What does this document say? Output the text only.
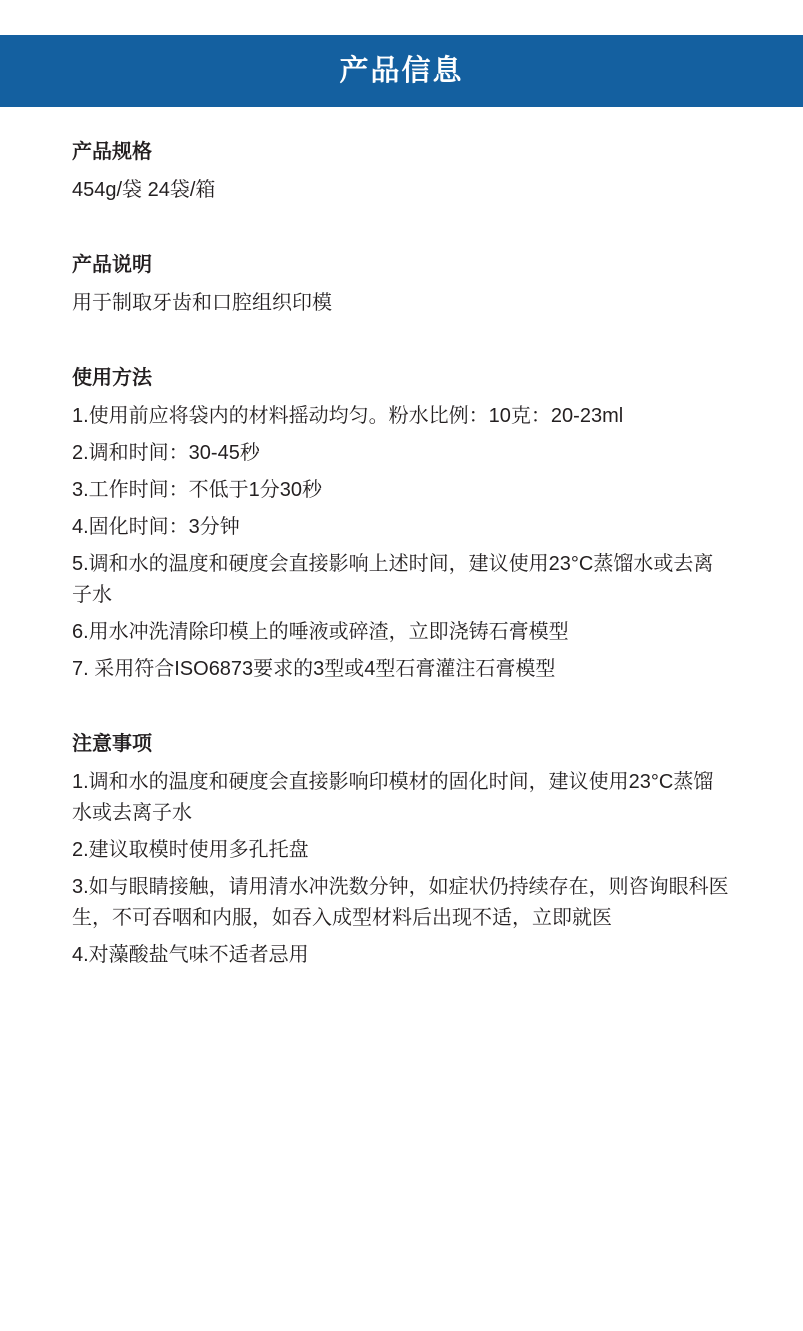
产品信息
产品规格
454g/袋 24袋/箱
产品说明
用于制取牙齿和口腔组织印模
使用方法
1.使用前应将袋内的材料摇动均匀。粉水比例：10克：20-23ml
2.调和时间：30-45秒
3.工作时间：不低于1分30秒
4.固化时间：3分钟
5.调和水的温度和硬度会直接影响上述时间，建议使用23°C蒸馏水或去离子水
6.用水冲洗清除印模上的唾液或碎渣，立即浇铸石膏模型
7. 采用符合ISO6873要求的3型或4型石膏灌注石膏模型
注意事项
1.调和水的温度和硬度会直接影响印模材的固化时间，建议使用23°C蒸馏水或去离子水
2.建议取模时使用多孔托盘
3.如与眼睛接触，请用清水冲洗数分钟，如症状仍持续存在，则咨询眼科医生，不可吞咽和内服，如吞入成型材料后出现不适，立即就医
4.对藻酸盐气味不适者忌用
